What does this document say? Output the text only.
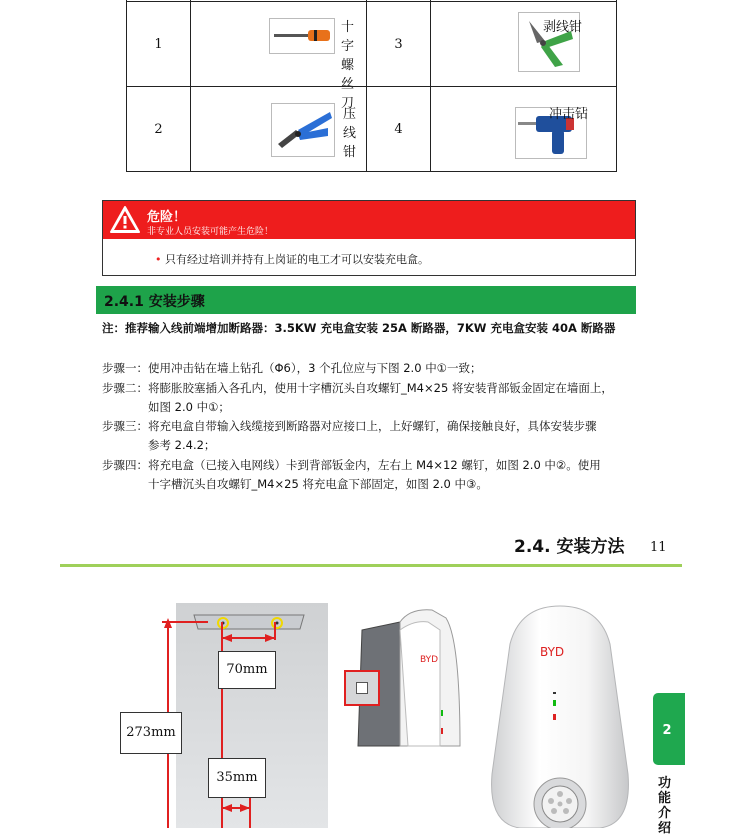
1	十字螺丝刀	3	剥线钳

2	压线钳	4	冲击钻
危险！
非专业人员安装可能产生危险！
• 只有经过培训并持有上岗证的电工才可以安装充电盒。
2.4.1 安装步骤
注：推荐输入线前端增加断路器：3.5KW 充电盒安装 25A 断路器，7KW 充电盒安装 40A 断路器
步骤一：使用冲击钻在墙上钻孔（Φ6），3 个孔位应与下图 2.0 中①一致；
步骤二：将膨胀胶塞插入各孔内，使用十字槽沉头自攻螺钉_M4×25 将安装背部钣金固定在墙面上，
　　　　如图 2.0 中①；
步骤三：将充电盒自带输入线缆接到断路器对应接口上，上好螺钉，确保接触良好，具体安装步骤
　　　　参考 2.4.2；
步骤四：将充电盒（已接入电网线）卡到背部钣金内，左右上 M4×12 螺钉，如图 2.0 中②。使用
　　　　十字槽沉头自攻螺钉_M4×25 将充电盒下部固定，如图 2.0 中③。
2.4. 安装方法 11
70mm
273mm
35mm
BYD
BYD
2
功能介绍
